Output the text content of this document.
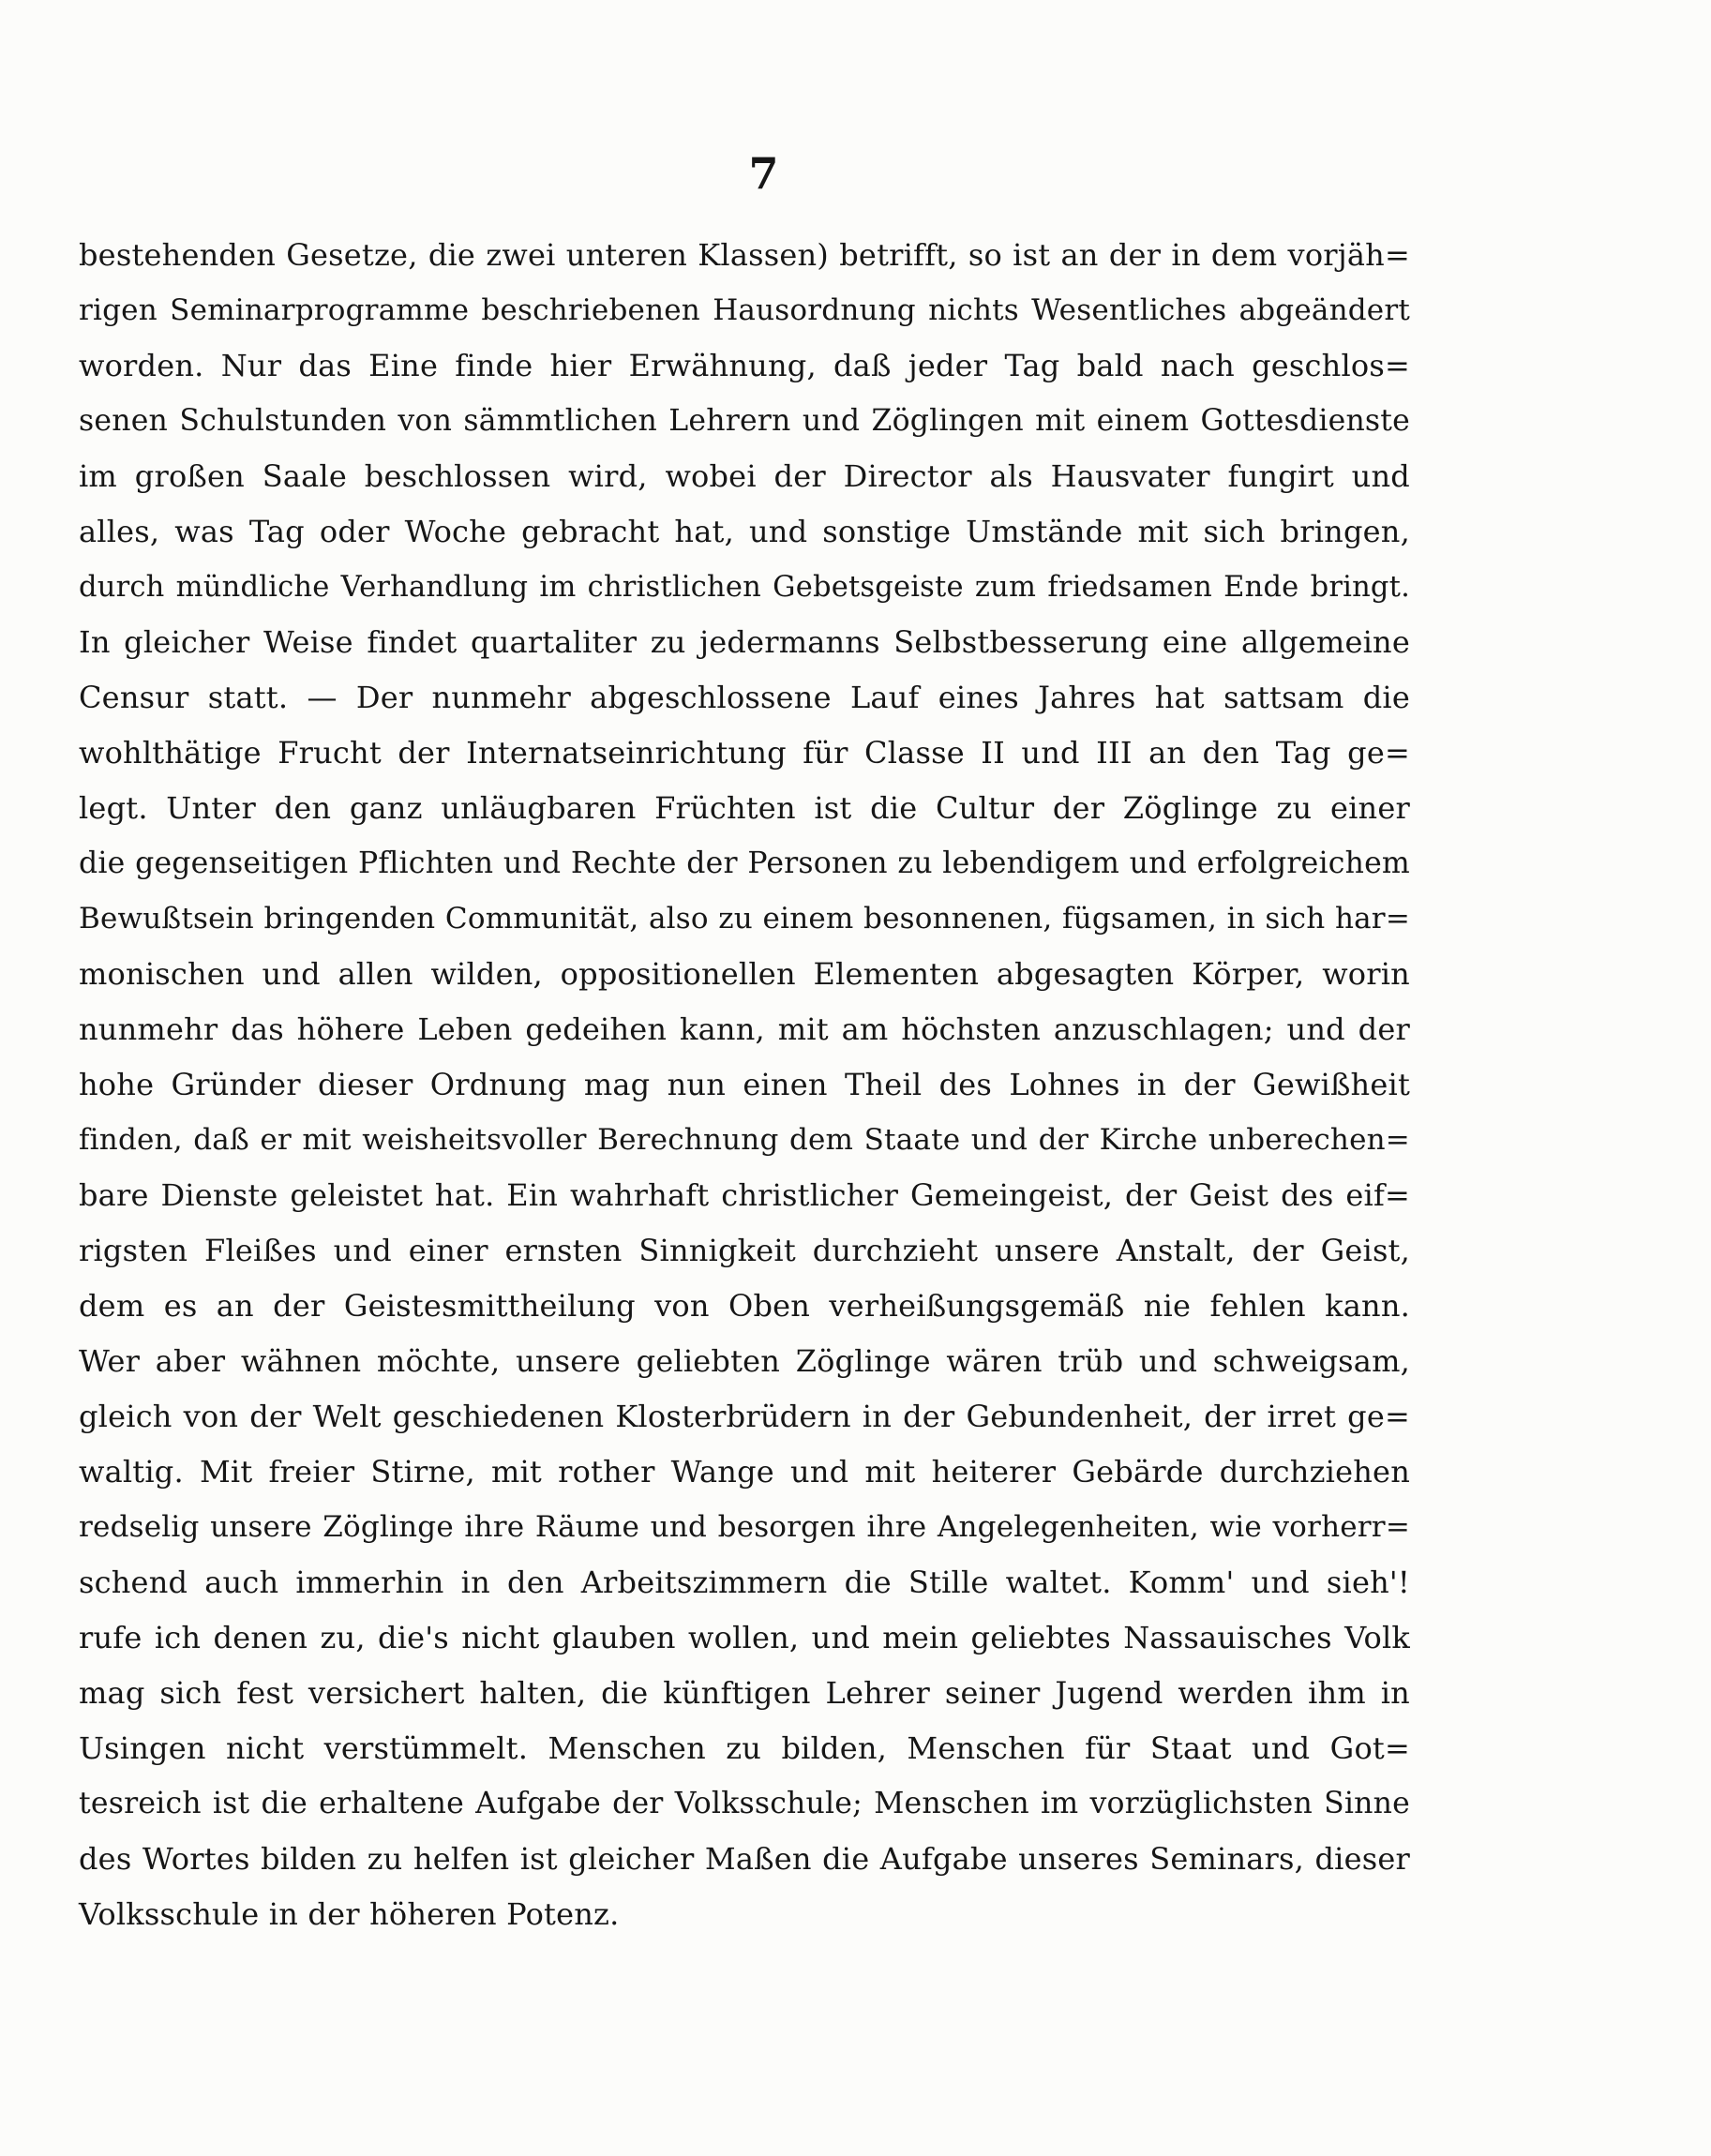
7
bestehenden Gesetze, die zwei unteren Klassen) betrifft, so ist an der in dem vorjäh=
rigen Seminarprogramme beschriebenen Hausordnung nichts Wesentliches abgeändert
worden. Nur das Eine finde hier Erwähnung, daß jeder Tag bald nach geschlos=
senen Schulstunden von sämmtlichen Lehrern und Zöglingen mit einem Gottesdienste
im großen Saale beschlossen wird, wobei der Director als Hausvater fungirt und
alles, was Tag oder Woche gebracht hat, und sonstige Umstände mit sich bringen,
durch mündliche Verhandlung im christlichen Gebetsgeiste zum friedsamen Ende bringt.
In gleicher Weise findet quartaliter zu jedermanns Selbstbesserung eine allgemeine
Censur statt. — Der nunmehr abgeschlossene Lauf eines Jahres hat sattsam die
wohlthätige Frucht der Internatseinrichtung für Classe II und III an den Tag ge=
legt. Unter den ganz unläugbaren Früchten ist die Cultur der Zöglinge zu einer
die gegenseitigen Pflichten und Rechte der Personen zu lebendigem und erfolgreichem
Bewußtsein bringenden Communität, also zu einem besonnenen, fügsamen, in sich har=
monischen und allen wilden, oppositionellen Elementen abgesagten Körper, worin
nunmehr das höhere Leben gedeihen kann, mit am höchsten anzuschlagen; und der
hohe Gründer dieser Ordnung mag nun einen Theil des Lohnes in der Gewißheit
finden, daß er mit weisheitsvoller Berechnung dem Staate und der Kirche unberechen=
bare Dienste geleistet hat. Ein wahrhaft christlicher Gemeingeist, der Geist des eif=
rigsten Fleißes und einer ernsten Sinnigkeit durchzieht unsere Anstalt, der Geist,
dem es an der Geistesmittheilung von Oben verheißungsgemäß nie fehlen kann.
Wer aber wähnen möchte, unsere geliebten Zöglinge wären trüb und schweigsam,
gleich von der Welt geschiedenen Klosterbrüdern in der Gebundenheit, der irret ge=
waltig. Mit freier Stirne, mit rother Wange und mit heiterer Gebärde durchziehen
redselig unsere Zöglinge ihre Räume und besorgen ihre Angelegenheiten, wie vorherr=
schend auch immerhin in den Arbeitszimmern die Stille waltet. Komm' und sieh'!
rufe ich denen zu, die's nicht glauben wollen, und mein geliebtes Nassauisches Volk
mag sich fest versichert halten, die künftigen Lehrer seiner Jugend werden ihm in
Usingen nicht verstümmelt. Menschen zu bilden, Menschen für Staat und Got=
tesreich ist die erhaltene Aufgabe der Volksschule; Menschen im vorzüglichsten Sinne
des Wortes bilden zu helfen ist gleicher Maßen die Aufgabe unseres Seminars, dieser
Volksschule in der höheren Potenz.
